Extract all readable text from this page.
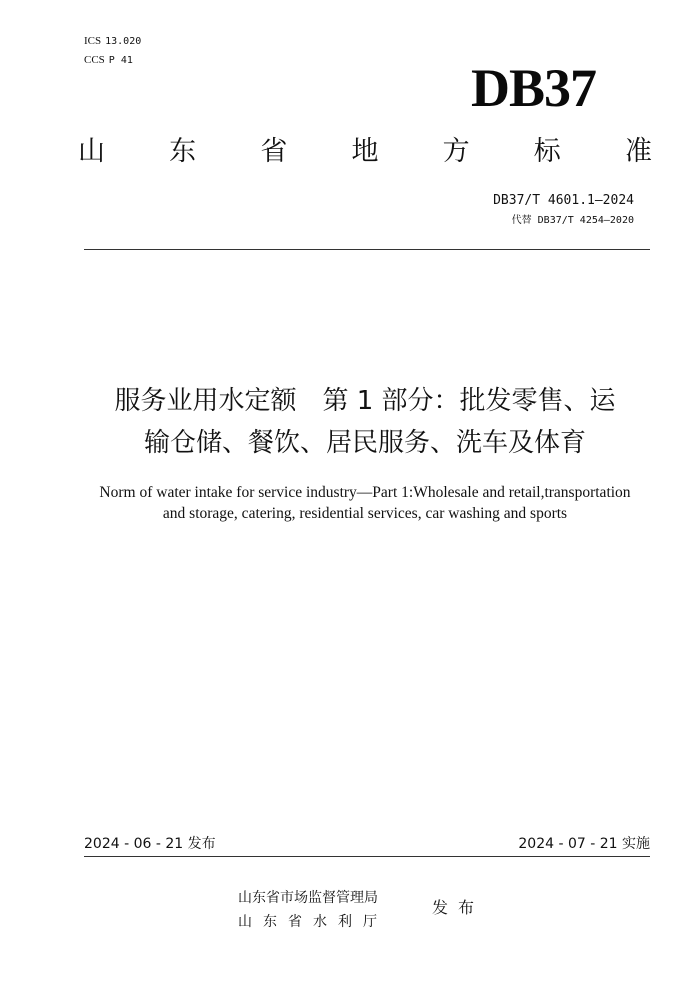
ICS 13.020
CCS P 41	DB37
山 东 省 地 方 标 准
DB37/T 4601.1—2024
代替 DB37/T 4254—2020
服务业用水定额　第 1 部分：批发零售、运
输仓储、餐饮、居民服务、洗车及体育
Norm of water intake for service industry—Part 1:Wholesale and retail,transportation
and storage, catering, residential services, car washing and sports
2024 - 06 - 21 发布	2024 - 07 - 21 实施
山东省市场监督管理局
山东省水利厅
发布
